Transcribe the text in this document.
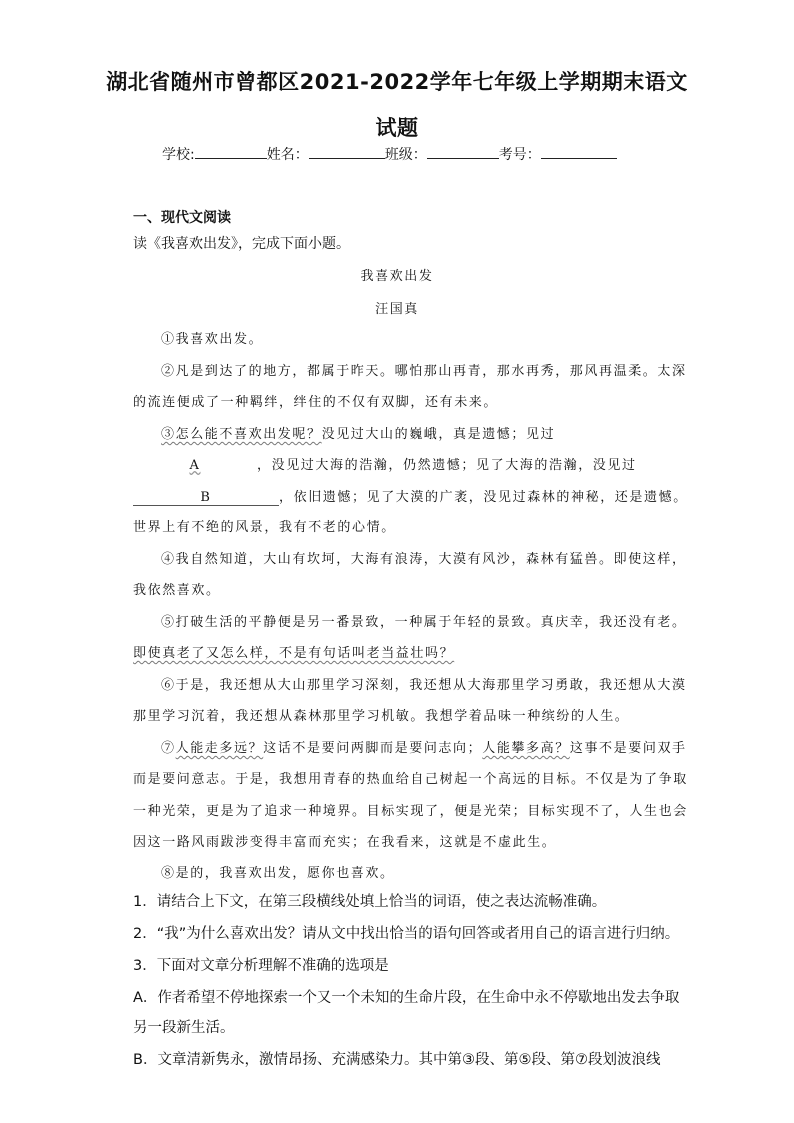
湖北省随州市曾都区2021-2022学年七年级上学期期末语文
试题
学校:	姓名：	班级：	考号：
一、现代文阅读
读《我喜欢出发》，完成下面小题。
我喜欢出发
汪国真
①我喜欢出发。
②凡是到达了的地方，都属于昨天。哪怕那山再青，那水再秀，那风再温柔。太深
的流连便成了一种羁绊，绊住的不仅有双脚，还有未来。
③怎么能不喜欢出发呢？没见过大山的巍峨，真是遗憾；见过
A	，没见过大海的浩瀚，仍然遗憾；见了大海的浩瀚，没见过
B	，依旧遗憾；见了大漠的广袤，没见过森林的神秘，还是遗憾。
世界上有不绝的风景，我有不老的心情。
④我自然知道，大山有坎坷，大海有浪涛，大漠有风沙，森林有猛兽。即使这样，
我依然喜欢。
⑤打破生活的平静便是另一番景致，一种属于年轻的景致。真庆幸，我还没有老。
即使真老了又怎么样，不是有句话叫老当益壮吗？
⑥于是，我还想从大山那里学习深刻，我还想从大海那里学习勇敢，我还想从大漠
那里学习沉着，我还想从森林那里学习机敏。我想学着品味一种缤纷的人生。
⑦人能走多远？这话不是要问两脚而是要问志向；人能攀多高？这事不是要问双手
而是要问意志。于是，我想用青春的热血给自己树起一个高远的目标。不仅是为了争取
一种光荣，更是为了追求一种境界。目标实现了，便是光荣；目标实现不了，人生也会
因这一路风雨跋涉变得丰富而充实；在我看来，这就是不虚此生。
⑧是的，我喜欢出发，愿你也喜欢。
1．请结合上下文，在第三段横线处填上恰当的词语，使之表达流畅准确。
2．“我”为什么喜欢出发？请从文中找出恰当的语句回答或者用自己的语言进行归纳。
3．下面对文章分析理解不准确的选项是
A．作者希望不停地探索一个又一个未知的生命片段，在生命中永不停歇地出发去争取
另一段新生活。
B．文章清新隽永，激情昂扬、充满感染力。其中第③段、第⑤段、第⑦段划波浪线
